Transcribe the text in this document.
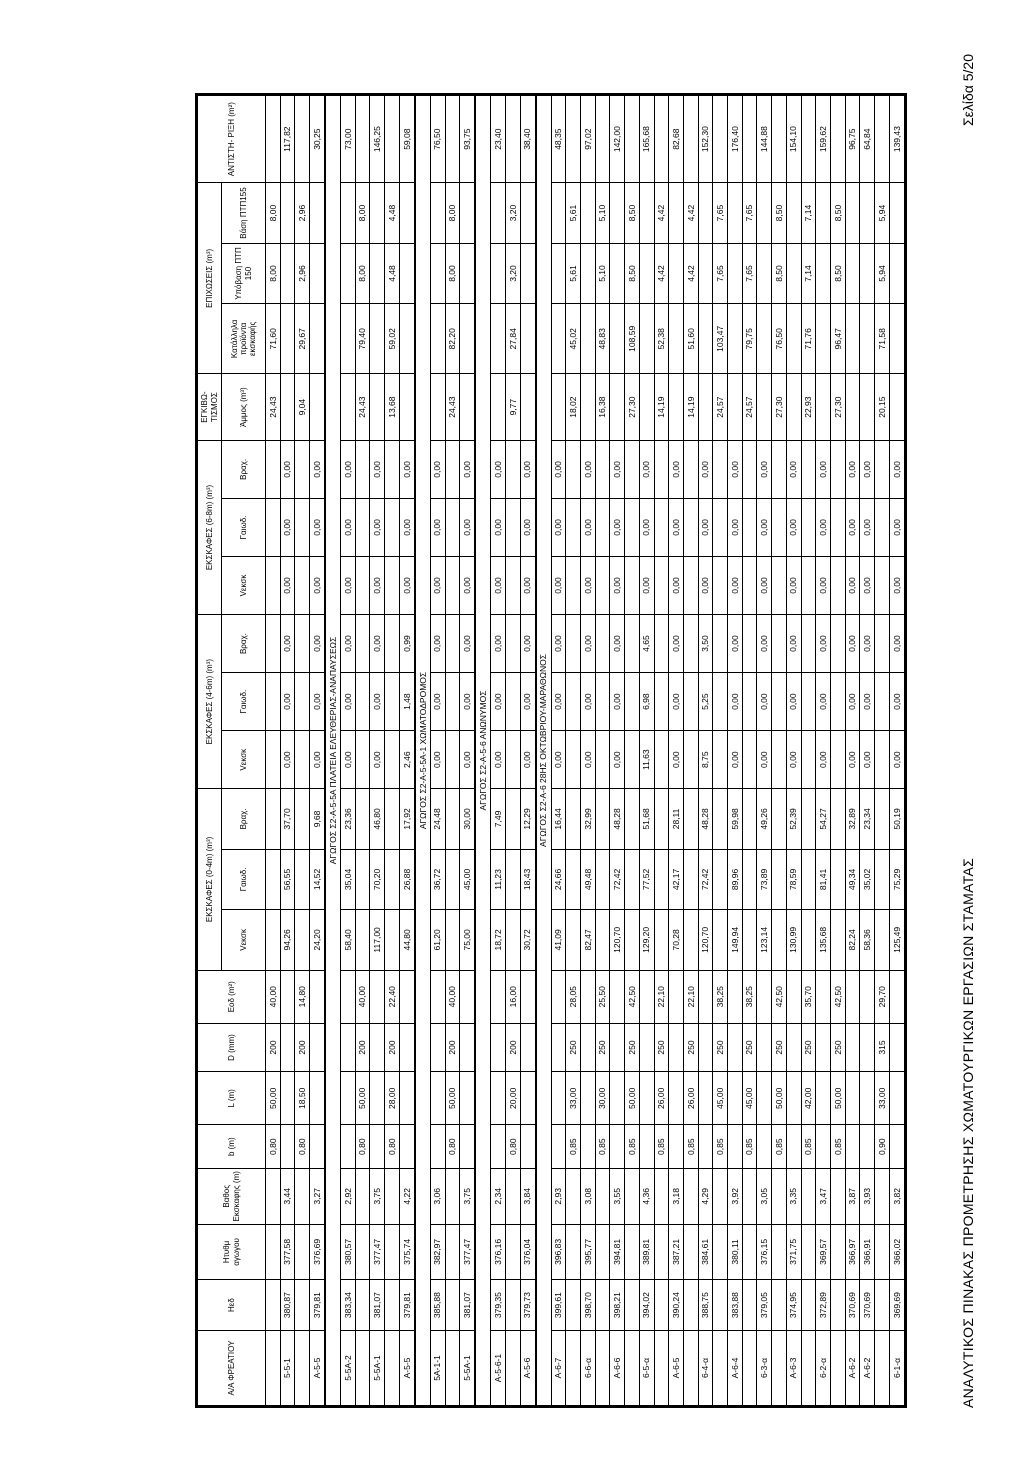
Α/Α ΦΡΕΑΤΙΟΥ	Ηεδ	Ητυθμ αγωγου	Βαθος Εκσκαφης (m)	b (m)	L (m)	D (mm)	Εοδ (m²)	ΕΚΣΚΑΦΕΣ (0-4m) (m³)			ΕΚΣΚΑΦΕΣ (4-6m) (m³)			ΕΚΣΚΑΦΕΣ (6-8m) (m³)			ΕΓΚΙΒΩ- ΤΙΣΜΟΣ	ΕΠΙΧΩΣΕΙΣ (m³)			ΑΝΤΙΣΤΗ- ΡΙΞΗ (m²)
								Vεκσκ	Γαιωδ.	Βραχ.	Vεκσκ	Γαιωδ.	Βραχ.	Vεκσκ	Γαιωδ.	Βραχ.	Άμμος (m³)	Κατάλληλα προϊόντα εκσκαφής	Υπόβαση ΠΤΠ 150	Βάση ΠΤΠ155	
				0,80	50,00	200	40,00										24,43	71,60	8,00	8,00	
5-5-1	380,87	377,58	3,44					94,26	56,55	37,70	0,00	0,00	0,00	0,00	0,00	0,00					117,82
				0,80	18,50	200	14,80										9,04	29,67	2,96	2,96	
A-5-5	379,81	376,69	3,27					24,20	14,52	9,68	0,00	0,00	0,00	0,00	0,00	0,00					30,25
ΑΓΩΓΟΣ Σ2-Α-5-5Α ΠΛΑΤΕΙΑ ΕΛΕΥΘΕΡΙΑΣ-ΑΝΑΠΑΥΣΕΩΣ																					
5-5A-2	383,34	380,57	2,92					58,40	35,04	23,36	0,00	0,00	0,00	0,00	0,00	0,00					73,00
				0,80	50,00	200	40,00										24,43	79,40	8,00	8,00	
5-5A-1	381,07	377,47	3,75					117,00	70,20	46,80	0,00	0,00	0,00	0,00	0,00	0,00					146,25
				0,80	28,00	200	22,40										13,68	59,02	4,48	4,48	
A-5-5	379,81	375,74	4,22					44,80	26,88	17,92	2,46	1,48	0,99	0,00	0,00	0,00					59,08
ΑΓΩΓΟΣ Σ2-Α-5-5Α-1 ΧΩΜΑΤΟΔΡΟΜΟΣ																					
5A-1-1	385,88	382,97	3,06					61,20	36,72	24,48	0,00	0,00	0,00	0,00	0,00	0,00					76,50
				0,80	50,00	200	40,00										24,43	82,20	8,00	8,00	
5-5A-1	381,07	377,47	3,75					75,00	45,00	30,00	0,00	0,00	0,00	0,00	0,00	0,00					93,75
ΑΓΩΓΟΣ Σ2-Α-5-6 ΑΝΩΝΥΜΟΣ																					
A-5-6-1	379,35	376,16	2,34					18,72	11,23	7,49	0,00	0,00	0,00	0,00	0,00	0,00					23,40
				0,80	20,00	200	16,00										9,77	27,84	3,20	3,20	
A-5-6	379,73	376,04	3,84					30,72	18,43	12,29	0,00	0,00	0,00	0,00	0,00	0,00					38,40
ΑΓΩΓΟΣ Σ2-Α-6 28ΗΣ ΟΚΤΩΒΡΙΟΥ-ΜΑΡΑΘΩΝΟΣ																					
A-6-7	399,61	396,83	2,93					41,09	24,66	16,44	0,00	0,00	0,00	0,00	0,00	0,00					48,35
				0,85	33,00	250	28,05										18,02	45,02	5,61	5,61	
6-6-α	398,70	395,77	3,08					82,47	49,48	32,99	0,00	0,00	0,00	0,00	0,00	0,00					97,02
				0,85	30,00	250	25,50										16,38	48,83	5,10	5,10	
A-6-6	398,21	394,81	3,55					120,70	72,42	48,28	0,00	0,00	0,00	0,00	0,00	0,00					142,00
				0,85	50,00	250	42,50										27,30	108,59	8,50	8,50	
6-5-α	394,02	389,81	4,36					129,20	77,52	51,68	11,63	6,98	4,65	0,00	0,00	0,00					165,68
				0,85	26,00	250	22,10										14,19	52,38	4,42	4,42	
A-6-5	390,24	387,21	3,18					70,28	42,17	28,11	0,00	0,00	0,00	0,00	0,00	0,00					82,68
				0,85	26,00	250	22,10										14,19	51,60	4,42	4,42	
6-4-α	388,75	384,61	4,29					120,70	72,42	48,28	8,75	5,25	3,50	0,00	0,00	0,00					152,30
				0,85	45,00	250	38,25										24,57	103,47	7,65	7,65	
A-6-4	383,88	380,11	3,92					149,94	89,96	59,98	0,00	0,00	0,00	0,00	0,00	0,00					176,40
				0,85	45,00	250	38,25										24,57	79,75	7,65	7,65	
6-3-α	379,05	376,15	3,05					123,14	73,89	49,26	0,00	0,00	0,00	0,00	0,00	0,00					144,88
				0,85	50,00	250	42,50										27,30	76,50	8,50	8,50	
A-6-3	374,95	371,75	3,35					130,99	78,59	52,39	0,00	0,00	0,00	0,00	0,00	0,00					154,10
				0,85	42,00	250	35,70										22,93	71,76	7,14	7,14	
6-2-α	372,89	369,57	3,47					135,68	81,41	54,27	0,00	0,00	0,00	0,00	0,00	0,00					159,62
				0,85	50,00	250	42,50										27,30	96,47	8,50	8,50	
A-6-2	370,69	366,97	3,87					82,24	49,34	32,89	0,00	0,00	0,00	0,00	0,00	0,00					96,75
A-6-2	370,69	366,91	3,93					58,36	35,02	23,34	0,00	0,00	0,00	0,00	0,00	0,00					64,84
				0,90	33,00	315	29,70										20,15	71,58	5,94	5,94	
6-1-α	369,69	366,02	3,82					125,49	75,29	50,19	0,00	0,00	0,00	0,00	0,00	0,00					139,43
ΑΝΑΛΥΤΙΚΟΣ ΠΙΝΑΚΑΣ ΠΡΟΜΕΤΡΗΣΗΣ ΧΩΜΑΤΟΥΡΓΙΚΩΝ ΕΡΓΑΣΙΩΝ ΣΤΑΜΑΤΑΣ
Σελίδα 5/20
